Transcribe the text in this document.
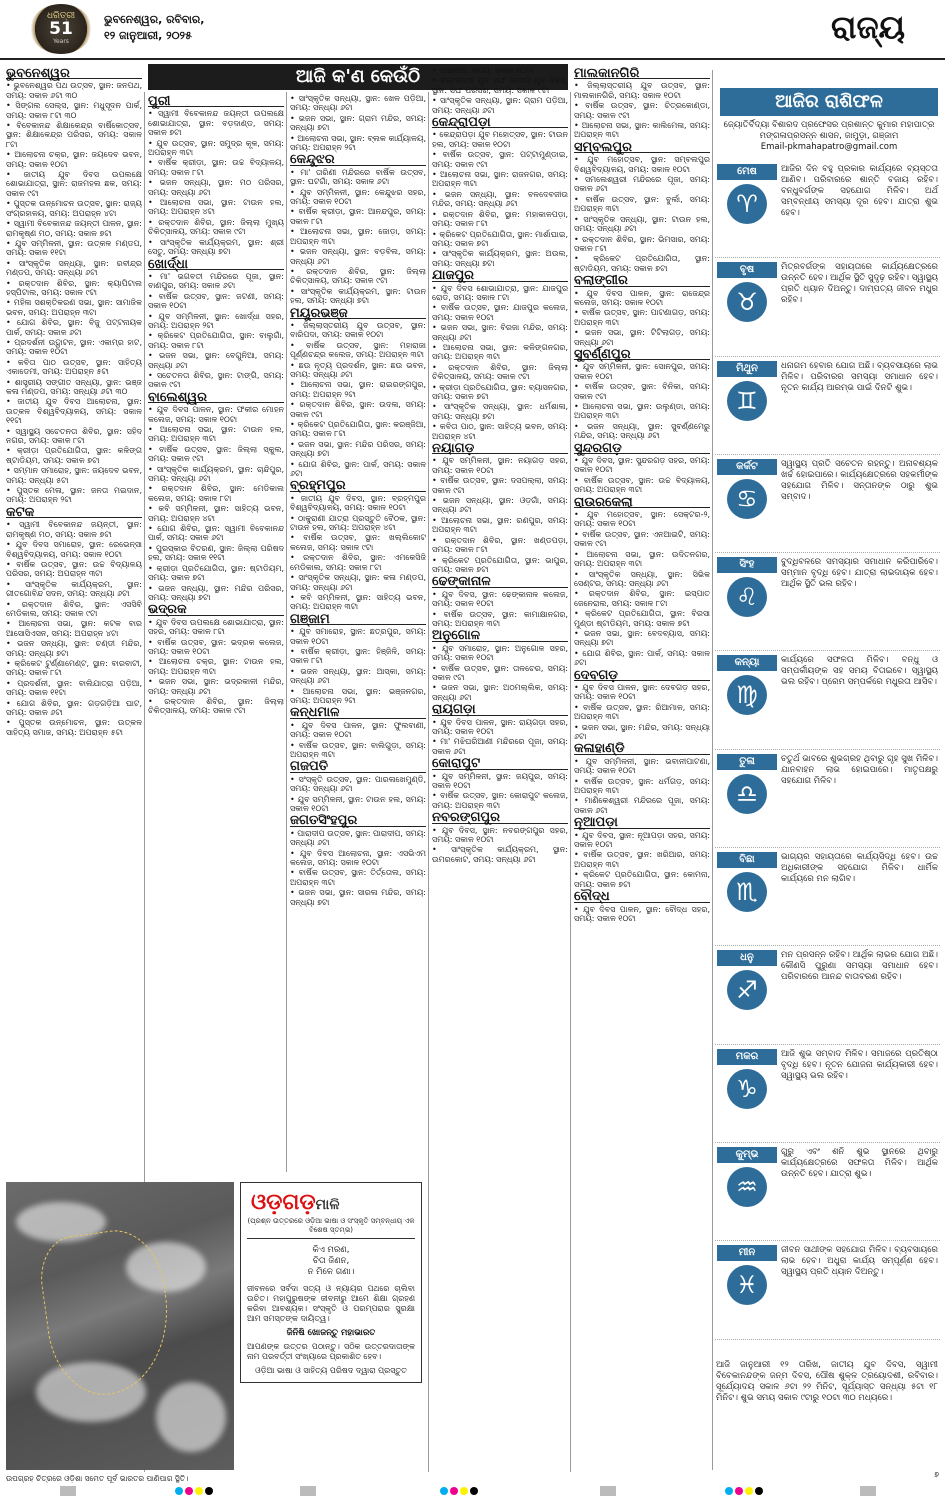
ଧରିତ୍ରୀ
51
Years
ଭୁବନେଶ୍ୱର, ରବିବାର,
୧୨ ଜାନୁଆରୀ, ୨୦୨୫	ରାଜ୍ୟ
ଆଜି କ'ଣ କେଉଁଠି
ଭୁବନେଶ୍ୱର
• ଭୁବନେଶ୍ୱର ପଥ ଉତ୍ସବ, ସ୍ଥାନ: ଜନପଥ, ସମୟ: ସକାଳ ୬ଟା ୩୦
• ସିଙ୍ଗଲ ସେଲ୍ସ, ସ୍ଥାନ: ମଧୁସୂଦନ ପାର୍କ, ସମୟ: ସକାଳ ୮ଟା ୩୦
• ବିବେକାନନ୍ଦ ଶିକ୍ଷାକେନ୍ଦ୍ର ବାର୍ଷିକୋତ୍ସବ, ସ୍ଥାନ: ଶିକ୍ଷାକେନ୍ଦ୍ର ପରିସର, ସମୟ: ସକାଳ ୮ଟା
• ଆଲୋଚନା ଚକ୍ର, ସ୍ଥାନ: ଜୟଦେବ ଭବନ, ସମୟ: ସକାଳ ୧୦ଟା
• ଜାତୀୟ ଯୁବ ଦିବସ ଉପଲକ୍ଷେ ଶୋଭାଯାତ୍ରା, ସ୍ଥାନ: ରାଜମହଲ ଛକ, ସମୟ: ସକାଳ ୯ଟା
• ପୁସ୍ତକ ଉନ୍ମୋଚନ ଉତ୍ସବ, ସ୍ଥାନ: ରାଜ୍ୟ ସଂଗ୍ରହାଳୟ, ସମୟ: ଅପରାହ୍ନ ୪ଟା
• ସ୍ୱାମୀ ବିବେକାନନ୍ଦ ଜୟନ୍ତୀ ପାଳନ, ସ୍ଥାନ: ରାମକୃଷ୍ଣ ମଠ, ସମୟ: ସକାଳ ୭ଟା
• ଯୁବ ସମ୍ମିଳନୀ, ସ୍ଥାନ: ଉତ୍କଳ ମଣ୍ଡପ, ସମୟ: ସକାଳ ୧୧ଟା
• ସାଂସ୍କୃତିକ ସନ୍ଧ୍ୟା, ସ୍ଥାନ: ରବୀନ୍ଦ୍ର ମଣ୍ଡପ, ସମୟ: ସନ୍ଧ୍ୟା ୬ଟା
• ରକ୍ତଦାନ ଶିବିର, ସ୍ଥାନ: କ୍ୟାପିଟାଲ ହସ୍ପିଟାଲ, ସମୟ: ସକାଳ ୯ଟା
• ମହିଳା ସଶକ୍ତିକରଣ ସଭା, ସ୍ଥାନ: ସାମାଜିକ ଭବନ, ସମୟ: ଅପରାହ୍ନ ୩ଟା
• ଯୋଗ ଶିବିର, ସ୍ଥାନ: ବିଜୁ ପଟ୍ଟନାୟକ ପାର୍କ, ସମୟ: ସକାଳ ୬ଟା
• ପ୍ରଦର୍ଶନୀ ଉଦ୍ଘାଟନ, ସ୍ଥାନ: ଏକାମ୍ର ହାଟ, ସମୟ: ସକାଳ ୧୦ଟା
• କବିତା ପାଠ ଉତ୍ସବ, ସ୍ଥାନ: ସାହିତ୍ୟ ଏକାଡେମୀ, ସମୟ: ଅପରାହ୍ନ ୫ଟା
• ଶାସ୍ତ୍ରୀୟ ସଙ୍ଗୀତ ସନ୍ଧ୍ୟା, ସ୍ଥାନ: ଭଞ୍ଜ କଳା ମଣ୍ଡପ, ସମୟ: ସନ୍ଧ୍ୟା ୬ଟା ୩୦
• ଜାତୀୟ ଯୁବ ଦିବସ ଆଲୋଚନା, ସ୍ଥାନ: ଉତ୍କଳ ବିଶ୍ୱବିଦ୍ୟାଳୟ, ସମୟ: ସକାଳ ୧୧ଟା
• ସ୍ୱାସ୍ଥ୍ୟ ସଚେତନତା ଶିବିର, ସ୍ଥାନ: ସହିଦ ନଗର, ସମୟ: ସକାଳ ୮ଟା
• କ୍ରୀଡ଼ା ପ୍ରତିଯୋଗିତା, ସ୍ଥାନ: କଳିଙ୍ଗ ଷ୍ଟାଡିୟମ, ସମୟ: ସକାଳ ୭ଟା
• ସମ୍ମାନ ସମାରୋହ, ସ୍ଥାନ: ଜୟଦେବ ଭବନ, ସମୟ: ସନ୍ଧ୍ୟା ୫ଟା
• ପୁସ୍ତକ ମେଳା, ସ୍ଥାନ: ଜନତା ମଇଦାନ, ସମୟ: ଅପରାହ୍ନ ୨ଟା
କଟକ
• ସ୍ୱାମୀ ବିବେକାନନ୍ଦ ଜୟନ୍ତୀ, ସ୍ଥାନ: ରାମକୃଷ୍ଣ ମଠ, ସମୟ: ସକାଳ ୭ଟା
• ଯୁବ ଦିବସ ସମାରୋହ, ସ୍ଥାନ: ରେଭେନ୍ସା ବିଶ୍ୱବିଦ୍ୟାଳୟ, ସମୟ: ସକାଳ ୧୦ଟା
• ବାର୍ଷିକ ଉତ୍ସବ, ସ୍ଥାନ: ଉଚ୍ଚ ବିଦ୍ୟାଳୟ ପରିସର, ସମୟ: ଅପରାହ୍ନ ୩ଟା
• ସାଂସ୍କୃତିକ କାର୍ଯ୍ୟକ୍ରମ, ସ୍ଥାନ: ଗୀତଗୋବିନ୍ଦ ସଦନ, ସମୟ: ସନ୍ଧ୍ୟା ୬ଟା
• ରକ୍ତଦାନ ଶିବିର, ସ୍ଥାନ: ଏସସିବି ମେଡିକାଲ, ସମୟ: ସକାଳ ୯ଟା
• ଆଲୋଚନା ସଭା, ସ୍ଥାନ: କଟକ ବାର ଆସୋସିଏସନ, ସମୟ: ଅପରାହ୍ନ ୪ଟା
• ଭଜନ ସନ୍ଧ୍ୟା, ସ୍ଥାନ: ଚଣ୍ଡୀ ମନ୍ଦିର, ସମୟ: ସନ୍ଧ୍ୟା ୭ଟା
• କ୍ରିକେଟ ଟୁର୍ଣ୍ଣାମେଣ୍ଟ, ସ୍ଥାନ: ବାରବାଟୀ, ସମୟ: ସକାଳ ୮ଟା
• ପ୍ରଦର୍ଶନୀ, ସ୍ଥାନ: ବାଲିଯାତ୍ରା ପଡ଼ିଆ, ସମୟ: ସକାଳ ୧୧ଟା
• ଯୋଗ ଶିବିର, ସ୍ଥାନ: ଗଡ଼ଗଡ଼ିଆ ଘାଟ, ସମୟ: ସକାଳ ୬ଟା
• ପୁସ୍ତକ ଉନ୍ମୋଚନ, ସ୍ଥାନ: ଉତ୍କଳ ସାହିତ୍ୟ ସମାଜ, ସମୟ: ଅପରାହ୍ନ ୫ଟା
ପୁରୀ
• ସ୍ୱାମୀ ବିବେକାନନ୍ଦ ଜୟନ୍ତୀ ଉପଲକ୍ଷେ ଶୋଭାଯାତ୍ରା, ସ୍ଥାନ: ବଡ଼ଦାଣ୍ଡ, ସମୟ: ସକାଳ ୭ଟା
• ଯୁବ ଉତ୍ସବ, ସ୍ଥାନ: ସମୁଦ୍ର କୂଳ, ସମୟ: ଅପରାହ୍ନ ୩ଟା
• ବାର୍ଷିକ କ୍ରୀଡ଼ା, ସ୍ଥାନ: ଉଚ୍ଚ ବିଦ୍ୟାଳୟ, ସମୟ: ସକାଳ ୮ଟା
• ଭଜନ ସନ୍ଧ୍ୟା, ସ୍ଥାନ: ମଠ ପରିସର, ସମୟ: ସନ୍ଧ୍ୟା ୬ଟା
• ଆଲୋଚନା ସଭା, ସ୍ଥାନ: ଟାଉନ ହଲ, ସମୟ: ଅପରାହ୍ନ ୪ଟା
• ରକ୍ତଦାନ ଶିବିର, ସ୍ଥାନ: ଜିଲ୍ଲା ମୁଖ୍ୟ ଚିକିତ୍ସାଳୟ, ସମୟ: ସକାଳ ୯ଟା
• ସାଂସ୍କୃତିକ କାର୍ଯ୍ୟକ୍ରମ, ସ୍ଥାନ: ଶ୍ରୀ ସେତୁ, ସମୟ: ସନ୍ଧ୍ୟା ୭ଟା
ଖୋର୍ଦ୍ଧା
• ମା' ଭଗବତୀ ମନ୍ଦିରରେ ପୂଜା, ସ୍ଥାନ: ବାଣପୁର, ସମୟ: ସକାଳ ୬ଟା
• ବାର୍ଷିକ ଉତ୍ସବ, ସ୍ଥାନ: ଜଟଣୀ, ସମୟ: ସକାଳ ୧୦ଟା
• ଯୁବ ସମ୍ମିଳନୀ, ସ୍ଥାନ: ଖୋର୍ଦ୍ଧା ସହର, ସମୟ: ଅପରାହ୍ନ ୨ଟା
• କ୍ରିକେଟ ପ୍ରତିଯୋଗିତା, ସ୍ଥାନ: ବାଲୁଗାଁ, ସମୟ: ସକାଳ ୮ଟା
• ଭଜନ ସଭା, ସ୍ଥାନ: ବେଗୁନିଆ, ସମୟ: ସନ୍ଧ୍ୟା ୬ଟା
• ସଚେତନତା ଶିବିର, ସ୍ଥାନ: ଟାଙ୍ଗି, ସମୟ: ସକାଳ ୯ଟା
ବାଲେଶ୍ୱର
• ଯୁବ ଦିବସ ପାଳନ, ସ୍ଥାନ: ଫକୀର ମୋହନ କଲେଜ, ସମୟ: ସକାଳ ୧୦ଟା
• ଆଲୋଚନା ସଭା, ସ୍ଥାନ: ଟାଉନ ହଲ, ସମୟ: ଅପରାହ୍ନ ୩ଟା
• ବାର୍ଷିକ ଉତ୍ସବ, ସ୍ଥାନ: ଜିଲ୍ଲା ସ୍କୁଲ, ସମୟ: ସକାଳ ୯ଟା
• ସାଂସ୍କୃତିକ କାର୍ଯ୍ୟକ୍ରମ, ସ୍ଥାନ: ଚାନ୍ଦିପୁର, ସମୟ: ସନ୍ଧ୍ୟା ୬ଟା
• ରକ୍ତଦାନ ଶିବିର, ସ୍ଥାନ: ମେଡିକାଲ କଲେଜ, ସମୟ: ସକାଳ ୮ଟା
• କବି ସମ୍ମିଳନୀ, ସ୍ଥାନ: ସାହିତ୍ୟ ଭବନ, ସମୟ: ଅପରାହ୍ନ ୪ଟା
• ଯୋଗ ଶିବିର, ସ୍ଥାନ: ସ୍ୱାମୀ ବିବେକାନନ୍ଦ ପାର୍କ, ସମୟ: ସକାଳ ୬ଟା
• ପୁରସ୍କାର ବିତରଣ, ସ୍ଥାନ: ଜିଲ୍ଲା ପରିଷଦ ହଲ, ସମୟ: ସକାଳ ୧୧ଟା
• କ୍ରୀଡ଼ା ପ୍ରତିଯୋଗିତା, ସ୍ଥାନ: ଷ୍ଟାଡିୟମ, ସମୟ: ସକାଳ ୭ଟା
• ଭଜନ ସନ୍ଧ୍ୟା, ସ୍ଥାନ: ମନ୍ଦିର ପରିସର, ସମୟ: ସନ୍ଧ୍ୟା ୭ଟା
ଭଦ୍ରକ
• ଯୁବ ଦିବସ ଉପଲକ୍ଷେ ଶୋଭାଯାତ୍ରା, ସ୍ଥାନ: ସହର, ସମୟ: ସକାଳ ୮ଟା
• ବାର୍ଷିକ ଉତ୍ସବ, ସ୍ଥାନ: ଭଦ୍ରକ କଲେଜ, ସମୟ: ସକାଳ ୧୦ଟା
• ଆଲୋଚନା ଚକ୍ର, ସ୍ଥାନ: ଟାଉନ ହଲ, ସମୟ: ଅପରାହ୍ନ ୩ଟା
• ଭଜନ ସଭା, ସ୍ଥାନ: ଭଦ୍ରକାଳୀ ମନ୍ଦିର, ସମୟ: ସନ୍ଧ୍ୟା ୬ଟା
• ରକ୍ତଦାନ ଶିବିର, ସ୍ଥାନ: ଜିଲ୍ଲା ଚିକିତ୍ସାଳୟ, ସମୟ: ସକାଳ ୯ଟା
• ସାଂସ୍କୃତିକ ସନ୍ଧ୍ୟା, ସ୍ଥାନ: ଖେଳ ପଡ଼ିଆ, ସମୟ: ସନ୍ଧ୍ୟା ୬ଟା
• ଭଜନ ସଭା, ସ୍ଥାନ: ଗ୍ରାମ ମନ୍ଦିର, ସମୟ: ସନ୍ଧ୍ୟା ୭ଟା
• ଆଲୋଚନା ସଭା, ସ୍ଥାନ: ବ୍ଲକ କାର୍ଯ୍ୟାଳୟ, ସମୟ: ଅପରାହ୍ନ ୨ଟା
କେନ୍ଦୁଝର
• ମା' ତାରିଣୀ ମନ୍ଦିରରେ ବାର୍ଷିକ ଉତ୍ସବ, ସ୍ଥାନ: ଘଟଗାଁ, ସମୟ: ସକାଳ ୬ଟା
• ଯୁବ ସମ୍ମିଳନୀ, ସ୍ଥାନ: କେନ୍ଦୁଝର ସହର, ସମୟ: ସକାଳ ୧୦ଟା
• ବାର୍ଷିକ କ୍ରୀଡ଼ା, ସ୍ଥାନ: ଆନନ୍ଦପୁର, ସମୟ: ସକାଳ ୮ଟା
• ଆଲୋଚନା ସଭା, ସ୍ଥାନ: ଜୋଡ଼ା, ସମୟ: ଅପରାହ୍ନ ୩ଟା
• ଭଜନ ସନ୍ଧ୍ୟା, ସ୍ଥାନ: ବଡ଼ବିଲ, ସମୟ: ସନ୍ଧ୍ୟା ୬ଟା
• ରକ୍ତଦାନ ଶିବିର, ସ୍ଥାନ: ଜିଲ୍ଲା ଚିକିତ୍ସାଳୟ, ସମୟ: ସକାଳ ୯ଟା
• ସାଂସ୍କୃତିକ କାର୍ଯ୍ୟକ୍ରମ, ସ୍ଥାନ: ଟାଉନ ହଲ, ସମୟ: ସନ୍ଧ୍ୟା ୭ଟା
ମୟୂରଭଞ୍ଜ
• ଜିଲ୍ଲାସ୍ତରୀୟ ଯୁବ ଉତ୍ସବ, ସ୍ଥାନ: ବାରିପଦା, ସମୟ: ସକାଳ ୧୦ଟା
• ବାର୍ଷିକ ଉତ୍ସବ, ସ୍ଥାନ: ମହାରାଜା ପୂର୍ଣ୍ଣଚନ୍ଦ୍ର କଲେଜ, ସମୟ: ଅପରାହ୍ନ ୩ଟା
• ଛଉ ନୃତ୍ୟ ପ୍ରଦର୍ଶନ, ସ୍ଥାନ: ଛଉ ଭବନ, ସମୟ: ସନ୍ଧ୍ୟା ୬ଟା
• ଆଲୋଚନା ସଭା, ସ୍ଥାନ: ରାଇରଙ୍ଗପୁର, ସମୟ: ଅପରାହ୍ନ ୨ଟା
• ରକ୍ତଦାନ ଶିବିର, ସ୍ଥାନ: ଉଦଳା, ସମୟ: ସକାଳ ୯ଟା
• କ୍ରିକେଟ ପ୍ରତିଯୋଗିତା, ସ୍ଥାନ: କରଞ୍ଜିଆ, ସମୟ: ସକାଳ ୮ଟା
• ଭଜନ ସଭା, ସ୍ଥାନ: ମନ୍ଦିର ପରିସର, ସମୟ: ସନ୍ଧ୍ୟା ୭ଟା
• ଯୋଗ ଶିବିର, ସ୍ଥାନ: ପାର୍କ, ସମୟ: ସକାଳ ୬ଟା
ବ୍ରହ୍ମପୁର
• ଜାତୀୟ ଯୁବ ଦିବସ, ସ୍ଥାନ: ବ୍ରହ୍ମପୁର ବିଶ୍ୱବିଦ୍ୟାଳୟ, ସମୟ: ସକାଳ ୧୦ଟା
• ଠାକୁରାଣୀ ଯାତ୍ରା ପ୍ରସ୍ତୁତି ବୈଠକ, ସ୍ଥାନ: ଟାଉନ ହଲ, ସମୟ: ଅପରାହ୍ନ ୪ଟା
• ବାର୍ଷିକ ଉତ୍ସବ, ସ୍ଥାନ: ଖଲ୍ଲିକୋଟ କଲେଜ, ସମୟ: ସକାଳ ୯ଟା
• ରକ୍ତଦାନ ଶିବିର, ସ୍ଥାନ: ଏମକେସିଜି ମେଡିକାଲ, ସମୟ: ସକାଳ ୮ଟା
• ସାଂସ୍କୃତିକ ସନ୍ଧ୍ୟା, ସ୍ଥାନ: କଳା ମଣ୍ଡପ, ସମୟ: ସନ୍ଧ୍ୟା ୬ଟା
• କବି ସମ୍ମିଳନୀ, ସ୍ଥାନ: ସାହିତ୍ୟ ଭବନ, ସମୟ: ଅପରାହ୍ନ ୩ଟା
ଗଞ୍ଜାମ
• ଯୁବ ସମାରୋହ, ସ୍ଥାନ: ଛତ୍ରପୁର, ସମୟ: ସକାଳ ୧୦ଟା
• ବାର୍ଷିକ କ୍ରୀଡ଼ା, ସ୍ଥାନ: ହିଞ୍ଜିଳି, ସମୟ: ସକାଳ ୮ଟା
• ଭଜନ ସନ୍ଧ୍ୟା, ସ୍ଥାନ: ଆସ୍କା, ସମୟ: ସନ୍ଧ୍ୟା ୬ଟା
• ଆଲୋଚନା ସଭା, ସ୍ଥାନ: ଭଞ୍ଜନଗର, ସମୟ: ଅପରାହ୍ନ ୨ଟା
କନ୍ଧମାଳ
• ଯୁବ ଦିବସ ପାଳନ, ସ୍ଥାନ: ଫୁଲବାଣୀ, ସମୟ: ସକାଳ ୧୦ଟା
• ବାର୍ଷିକ ଉତ୍ସବ, ସ୍ଥାନ: ବାଲିଗୁଡ଼ା, ସମୟ: ଅପରାହ୍ନ ୩ଟା
ଗଜପତି
• ସଂସ୍କୃତି ଉତ୍ସବ, ସ୍ଥାନ: ପାରଳାଖେମୁଣ୍ଡି, ସମୟ: ସନ୍ଧ୍ୟା ୬ଟା
• ଯୁବ ସମ୍ମିଳନୀ, ସ୍ଥାନ: ଟାଉନ ହଲ, ସମୟ: ସକାଳ ୧୦ଟା
ଜଗତସିଂହପୁର
• ପାରାଦୀପ ଉତ୍ସବ, ସ୍ଥାନ: ପାରାଦୀପ, ସମୟ: ସନ୍ଧ୍ୟା ୬ଟା
• ଯୁବ ଦିବସ ଆଲୋଚନା, ସ୍ଥାନ: ଏସଭିଏମ କଲେଜ, ସମୟ: ସକାଳ ୧୦ଟା
• ବାର୍ଷିକ ଉତ୍ସବ, ସ୍ଥାନ: ତିର୍ତ୍ତୋଲ, ସମୟ: ଅପରାହ୍ନ ୩ଟା
• ଭଜନ ସଭା, ସ୍ଥାନ: ସାରଳା ମନ୍ଦିର, ସମୟ: ସନ୍ଧ୍ୟା ୭ଟା
• ପାରାଦୀପ, ସମୟ: ସକାଳ ୧୦ଟା
• ବିବେକାନନ୍ଦ ଯୁବ ସଙ୍ଘ ଜାତୀୟ ଯୁବ ଦିବସ, ସ୍ଥାନ: ସଙ୍ଘ ପରିସର, ସମୟ: ସକାଳ ୯ଟା
• ସାଂସ୍କୃତିକ ସନ୍ଧ୍ୟା, ସ୍ଥାନ: ଗ୍ରାମ ପଡ଼ିଆ, ସମୟ: ସନ୍ଧ୍ୟା ୬ଟା
କେନ୍ଦ୍ରାପଡ଼ା
• କେନ୍ଦ୍ରାପଡ଼ା ଯୁବ ମହୋତ୍ସବ, ସ୍ଥାନ: ଟାଉନ ହଲ, ସମୟ: ସକାଳ ୧୦ଟା
• ବାର୍ଷିକ ଉତ୍ସବ, ସ୍ଥାନ: ପଟ୍ଟାମୁଣ୍ଡାଇ, ସମୟ: ସକାଳ ୯ଟା
• ଆଲୋଚନା ସଭା, ସ୍ଥାନ: ରାଜନଗର, ସମୟ: ଅପରାହ୍ନ ୩ଟା
• ଭଜନ ସନ୍ଧ୍ୟା, ସ୍ଥାନ: ବଳଦେବଜୀଉ ମନ୍ଦିର, ସମୟ: ସନ୍ଧ୍ୟା ୬ଟା
• ରକ୍ତଦାନ ଶିବିର, ସ୍ଥାନ: ମହାକାଳପଡ଼ା, ସମୟ: ସକାଳ ୮ଟା
• କ୍ରିକେଟ ପ୍ରତିଯୋଗିତା, ସ୍ଥାନ: ମାର୍ଶାଘାଇ, ସମୟ: ସକାଳ ୭ଟା
• ସାଂସ୍କୃତିକ କାର୍ଯ୍ୟକ୍ରମ, ସ୍ଥାନ: ଅଉଲ, ସମୟ: ସନ୍ଧ୍ୟା ୭ଟା
ଯାଜପୁର
• ଯୁବ ଦିବସ ଶୋଭାଯାତ୍ରା, ସ୍ଥାନ: ଯାଜପୁର ରୋଡ, ସମୟ: ସକାଳ ୮ଟା
• ବାର୍ଷିକ ଉତ୍ସବ, ସ୍ଥାନ: ଯାଜପୁର କଲେଜ, ସମୟ: ସକାଳ ୧୦ଟା
• ଭଜନ ସଭା, ସ୍ଥାନ: ବିରଜା ମନ୍ଦିର, ସମୟ: ସନ୍ଧ୍ୟା ୬ଟା
• ଆଲୋଚନା ସଭା, ସ୍ଥାନ: କଳିଙ୍ଗନଗର, ସମୟ: ଅପରାହ୍ନ ୩ଟା
• ରକ୍ତଦାନ ଶିବିର, ସ୍ଥାନ: ଜିଲ୍ଲା ଚିକିତ୍ସାଳୟ, ସମୟ: ସକାଳ ୯ଟା
• କ୍ରୀଡ଼ା ପ୍ରତିଯୋଗିତା, ସ୍ଥାନ: ବ୍ୟାସନଗର, ସମୟ: ସକାଳ ୭ଟା
• ସାଂସ୍କୃତିକ ସନ୍ଧ୍ୟା, ସ୍ଥାନ: ଧର୍ମଶାଳା, ସମୟ: ସନ୍ଧ୍ୟା ୭ଟା
• କବିତା ପାଠ, ସ୍ଥାନ: ସାହିତ୍ୟ ଭବନ, ସମୟ: ଅପରାହ୍ନ ୪ଟା
ନୟାଗଡ଼
• ଯୁବ ସମ୍ମିଳନୀ, ସ୍ଥାନ: ନୟାଗଡ଼ ସହର, ସମୟ: ସକାଳ ୧୦ଟା
• ବାର୍ଷିକ ଉତ୍ସବ, ସ୍ଥାନ: ଦସପଲ୍ଲା, ସମୟ: ସକାଳ ୯ଟା
• ଭଜନ ସନ୍ଧ୍ୟା, ସ୍ଥାନ: ଓଡ଼ଗାଁ, ସମୟ: ସନ୍ଧ୍ୟା ୬ଟା
• ଆଲୋଚନା ସଭା, ସ୍ଥାନ: ରଣପୁର, ସମୟ: ଅପରାହ୍ନ ୩ଟା
• ରକ୍ତଦାନ ଶିବିର, ସ୍ଥାନ: ଖଣ୍ଡପଡ଼ା, ସମୟ: ସକାଳ ୮ଟା
• କ୍ରିକେଟ ପ୍ରତିଯୋଗିତା, ସ୍ଥାନ: ଭାପୁର, ସମୟ: ସକାଳ ୭ଟା
ଢେଙ୍କାନାଳ
• ଯୁବ ଦିବସ, ସ୍ଥାନ: ଢେଙ୍କାନାଳ କଲେଜ, ସମୟ: ସକାଳ ୧୦ଟା
• ବାର୍ଷିକ ଉତ୍ସବ, ସ୍ଥାନ: କାମାକ୍ଷାନଗର, ସମୟ: ଅପରାହ୍ନ ୩ଟା
ଅନୁଗୋଳ
• ଯୁବ ସମାରୋହ, ସ୍ଥାନ: ଅନୁଗୋଳ ସହର, ସମୟ: ସକାଳ ୧୦ଟା
• ବାର୍ଷିକ ଉତ୍ସବ, ସ୍ଥାନ: ତାଳଚେର, ସମୟ: ସକାଳ ୯ଟା
• ଭଜନ ସଭା, ସ୍ଥାନ: ଅଠମଲ୍ଲିକ, ସମୟ: ସନ୍ଧ୍ୟା ୬ଟା
ରାୟଗଡ଼ା
• ଯୁବ ଦିବସ ପାଳନ, ସ୍ଥାନ: ରାୟଗଡ଼ା ସହର, ସମୟ: ସକାଳ ୧୦ଟା
• ମା' ମଝିଘରିଆଣୀ ମନ୍ଦିରରେ ପୂଜା, ସମୟ: ସକାଳ ୬ଟା
କୋରାପୁଟ
• ଯୁବ ସମ୍ମିଳନୀ, ସ୍ଥାନ: ଜୟପୁର, ସମୟ: ସକାଳ ୧୦ଟା
• ବାର୍ଷିକ ଉତ୍ସବ, ସ୍ଥାନ: କୋରାପୁଟ କଲେଜ, ସମୟ: ଅପରାହ୍ନ ୩ଟା
ନବରଙ୍ଗପୁର
• ଯୁବ ଦିବସ, ସ୍ଥାନ: ନବରଙ୍ଗପୁର ସହର, ସମୟ: ସକାଳ ୧୦ଟା
• ସାଂସ୍କୃତିକ କାର୍ଯ୍ୟକ୍ରମ, ସ୍ଥାନ: ଉମରକୋଟ, ସମୟ: ସନ୍ଧ୍ୟା ୬ଟା
ମାଲକାନଗିରି
• ଜିଲ୍ଲାସ୍ତରୀୟ ଯୁବ ଉତ୍ସବ, ସ୍ଥାନ: ମାଲକାନଗିରି, ସମୟ: ସକାଳ ୧୦ଟା
• ବାର୍ଷିକ ଉତ୍ସବ, ସ୍ଥାନ: ଚିତ୍ରକୋଣ୍ଡା, ସମୟ: ସକାଳ ୯ଟା
• ଆଲୋଚନା ସଭା, ସ୍ଥାନ: କାଲିମେଳା, ସମୟ: ଅପରାହ୍ନ ୩ଟା
ସମ୍ବଲପୁର
• ଯୁବ ମହୋତ୍ସବ, ସ୍ଥାନ: ସମ୍ବଲପୁର ବିଶ୍ୱବିଦ୍ୟାଳୟ, ସମୟ: ସକାଳ ୧୦ଟା
• ସମଲେଶ୍ୱରୀ ମନ୍ଦିରରେ ପୂଜା, ସମୟ: ସକାଳ ୬ଟା
• ବାର୍ଷିକ ଉତ୍ସବ, ସ୍ଥାନ: ବୁର୍ଲା, ସମୟ: ଅପରାହ୍ନ ୩ଟା
• ସାଂସ୍କୃତିକ ସନ୍ଧ୍ୟା, ସ୍ଥାନ: ଟାଉନ ହଲ, ସମୟ: ସନ୍ଧ୍ୟା ୬ଟା
• ରକ୍ତଦାନ ଶିବିର, ସ୍ଥାନ: ଭିମସାର, ସମୟ: ସକାଳ ୮ଟା
• କ୍ରିକେଟ ପ୍ରତିଯୋଗିତା, ସ୍ଥାନ: ଷ୍ଟାଡିୟମ, ସମୟ: ସକାଳ ୭ଟା
ବଲାଙ୍ଗୀର
• ଯୁବ ଦିବସ ପାଳନ, ସ୍ଥାନ: ରାଜେନ୍ଦ୍ର କଲେଜ, ସମୟ: ସକାଳ ୧୦ଟା
• ବାର୍ଷିକ ଉତ୍ସବ, ସ୍ଥାନ: ପାଟଣାଗଡ଼, ସମୟ: ଅପରାହ୍ନ ୩ଟା
• ଭଜନ ସଭା, ସ୍ଥାନ: ଟିଟିଲାଗଡ଼, ସମୟ: ସନ୍ଧ୍ୟା ୬ଟା
ସୁବର୍ଣ୍ଣପୁର
• ଯୁବ ସମ୍ମିଳନୀ, ସ୍ଥାନ: ସୋନପୁର, ସମୟ: ସକାଳ ୧୦ଟା
• ବାର୍ଷିକ ଉତ୍ସବ, ସ୍ଥାନ: ବିନିକା, ସମୟ: ସକାଳ ୯ଟା
• ଆଲୋଚନା ସଭା, ସ୍ଥାନ: ଉଲୁଣ୍ଡା, ସମୟ: ଅପରାହ୍ନ ୩ଟା
• ଭଜନ ସନ୍ଧ୍ୟା, ସ୍ଥାନ: ସୁବର୍ଣ୍ଣମେରୁ ମନ୍ଦିର, ସମୟ: ସନ୍ଧ୍ୟା ୬ଟା
ସୁନ୍ଦରଗଡ଼
• ଯୁବ ଦିବସ, ସ୍ଥାନ: ସୁନ୍ଦରଗଡ଼ ସହର, ସମୟ: ସକାଳ ୧୦ଟା
• ବାର୍ଷିକ ଉତ୍ସବ, ସ୍ଥାନ: ଉଚ୍ଚ ବିଦ୍ୟାଳୟ, ସମୟ: ଅପରାହ୍ନ ୩ଟା
ରାଉରକେଲା
• ଯୁବ ମହୋତ୍ସବ, ସ୍ଥାନ: ସେକ୍ଟର-୨, ସମୟ: ସକାଳ ୧୦ଟା
• ବାର୍ଷିକ ଉତ୍ସବ, ସ୍ଥାନ: ଏନଆଇଟି, ସମୟ: ସକାଳ ୯ଟା
• ଆଲୋଚନା ସଭା, ସ୍ଥାନ: ଉଦିତନଗର, ସମୟ: ଅପରାହ୍ନ ୩ଟା
• ସାଂସ୍କୃତିକ ସନ୍ଧ୍ୟା, ସ୍ଥାନ: ସିଭିକ ସେଣ୍ଟର, ସମୟ: ସନ୍ଧ୍ୟା ୬ଟା
• ରକ୍ତଦାନ ଶିବିର, ସ୍ଥାନ: ଇସ୍ପାତ ଜେନେରାଲ, ସମୟ: ସକାଳ ୮ଟା
• କ୍ରିକେଟ ପ୍ରତିଯୋଗିତା, ସ୍ଥାନ: ବିରସା ମୁଣ୍ଡା ଷ୍ଟାଡିୟମ, ସମୟ: ସକାଳ ୭ଟା
• ଭଜନ ସଭା, ସ୍ଥାନ: ବେଦବ୍ୟାସ, ସମୟ: ସନ୍ଧ୍ୟା ୭ଟା
• ଯୋଗ ଶିବିର, ସ୍ଥାନ: ପାର୍କ, ସମୟ: ସକାଳ ୬ଟା
ଦେବଗଡ଼
• ଯୁବ ଦିବସ ପାଳନ, ସ୍ଥାନ: ଦେବଗଡ଼ ସହର, ସମୟ: ସକାଳ ୧୦ଟା
• ବାର୍ଷିକ ଉତ୍ସବ, ସ୍ଥାନ: ରିଆମାଳ, ସମୟ: ଅପରାହ୍ନ ୩ଟା
• ଭଜନ ସଭା, ସ୍ଥାନ: ମନ୍ଦିର, ସମୟ: ସନ୍ଧ୍ୟା ୬ଟା
କଳାହାଣ୍ଡି
• ଯୁବ ସମ୍ମିଳନୀ, ସ୍ଥାନ: ଭବାନୀପାଟଣା, ସମୟ: ସକାଳ ୧୦ଟା
• ବାର୍ଷିକ ଉତ୍ସବ, ସ୍ଥାନ: ଧର୍ମଗଡ଼, ସମୟ: ଅପରାହ୍ନ ୩ଟା
• ମାଣିକେଶ୍ୱରୀ ମନ୍ଦିରରେ ପୂଜା, ସମୟ: ସକାଳ ୬ଟା
ନୂଆପଡ଼ା
• ଯୁବ ଦିବସ, ସ୍ଥାନ: ନୂଆପଡ଼ା ସହର, ସମୟ: ସକାଳ ୧୦ଟା
• ବାର୍ଷିକ ଉତ୍ସବ, ସ୍ଥାନ: ଖରିଆର, ସମୟ: ଅପରାହ୍ନ ୩ଟା
• କ୍ରିକେଟ ପ୍ରତିଯୋଗିତା, ସ୍ଥାନ: କୋମନା, ସମୟ: ସକାଳ ୭ଟା
ବୌଦ୍ଧ
• ଯୁବ ଦିବସ ପାଳନ, ସ୍ଥାନ: ବୌଦ୍ଧ ସହର, ସମୟ: ସକାଳ ୧୦ଟା
ଆଜିର ରାଶିଫଳ
ଜ୍ୟୋତିର୍ବିଦ୍ୟା ବିଶାରଦ ପ୍ରଫେସର ପ୍ରଶାନ୍ତ କୁମାର ମହାପାତ୍ର
ମଙ୍ଗଳାପ୍ରସନ୍ନ ଶାସନ, ଜାମୁଡ଼ା, ଗଞ୍ଜାମ
Email-pkmahapatro@gmail.com
ମେଷ
♈
ଆଜିର ଦିନ ବହୁ ପ୍ରକାର କାର୍ଯ୍ୟରେ ବ୍ୟସ୍ତତା ଆଣିବ। ପରିବାରରେ ଶାନ୍ତି ବଜାୟ ରହିବ। ବନ୍ଧୁବର୍ଗଙ୍କ ସହଯୋଗ ମିଳିବ। ଅର୍ଥ ସମ୍ବନ୍ଧୀୟ ସମସ୍ୟା ଦୂର ହେବ। ଯାତ୍ରା ଶୁଭ ହେବ।
ବୃଷ
♉
ମିତ୍ରବର୍ଗଙ୍କ ସହାୟତାରେ କାର୍ଯ୍ୟକ୍ଷେତ୍ରରେ ଉନ୍ନତି ହେବ। ଆର୍ଥିକ ସ୍ଥିତି ସୁଦୃଢ଼ ରହିବ। ସ୍ୱାସ୍ଥ୍ୟ ପ୍ରତି ଧ୍ୟାନ ଦିଅନ୍ତୁ। ଦାମ୍ପତ୍ୟ ଜୀବନ ମଧୁର ରହିବ।
ମିଥୁନ
♊
ଧନାଗମ ହେବାର ଯୋଗ ଅଛି। ବ୍ୟବସାୟରେ ଲାଭ ମିଳିବ। ପରିବାରର ସମସ୍ୟା ସମାଧାନ ହେବ। ନୂତନ କାର୍ଯ୍ୟ ଆରମ୍ଭ ପାଇଁ ଦିନଟି ଶୁଭ।
କର୍କଟ
♋
ସ୍ୱାସ୍ଥ୍ୟ ପ୍ରତି ସଚେତନ ରହନ୍ତୁ। ଅନାବଶ୍ୟକ ଖର୍ଚ୍ଚ ହୋଇପାରେ। କାର୍ଯ୍ୟକ୍ଷେତ୍ରରେ ସହକର୍ମୀଙ୍କ ସହଯୋଗ ମିଳିବ। ସନ୍ତାନଙ୍କ ଠାରୁ ଶୁଭ ସମ୍ବାଦ।
ସିଂହ
♌
ବୁଦ୍ଧିବଳରେ ସମସ୍ୟାର ସମାଧାନ କରିପାରିବେ। ସମ୍ମାନ ବୃଦ୍ଧି ହେବ। ଯାତ୍ରା ଲାଭଦାୟକ ହେବ। ଆର୍ଥିକ ସ୍ଥିତି ଭଲ ରହିବ।
କନ୍ୟା
♍
କାର୍ଯ୍ୟରେ ସଫଳତା ମିଳିବ। ବନ୍ଧୁ ଓ ସମ୍ପର୍କୀୟଙ୍କ ସହ ସମୟ ବିତାଇବେ। ସ୍ୱାସ୍ଥ୍ୟ ଭଲ ରହିବ। ପ୍ରେମ ସମ୍ପର୍କରେ ମଧୁରତା ଆସିବ।
ତୁଳା
♎
ଚତୁର୍ଥ ଭାବରେ ଶୁଭଗ୍ରହ ଥିବାରୁ ଗୃହ ସୁଖ ମିଳିବ। ଯାନବାହନ ଲାଭ ହୋଇପାରେ। ମାତୃପକ୍ଷରୁ ସହଯୋଗ ମିଳିବ।
ବିଛା
♏
ଭାଗ୍ୟର ସହାୟତାରେ କାର୍ଯ୍ୟସିଦ୍ଧି ହେବ। ଉଚ୍ଚ ଅଧିକାରୀଙ୍କ ସହଯୋଗ ମିଳିବ। ଧାର୍ମିକ କାର୍ଯ୍ୟରେ ମନ ଲାଗିବ।
ଧନୁ
♐
ମନ ପ୍ରସନ୍ନ ରହିବ। ଆର୍ଥିକ ଲାଭର ଯୋଗ ଅଛି। କୌଣସି ପୁରୁଣା ସମସ୍ୟା ସମାଧାନ ହେବ। ପରିବାରରେ ଆନନ୍ଦ ବାତାବରଣ ରହିବ।
ମକର
♑
ଆଜି ଶୁଭ ସମ୍ବାଦ ମିଳିବ। ସମାଜରେ ପ୍ରତିଷ୍ଠା ବୃଦ୍ଧି ହେବ। ନୂତନ ଯୋଜନା କାର୍ଯ୍ୟକାରୀ ହେବ। ସ୍ୱାସ୍ଥ୍ୟ ଭଲ ରହିବ।
କୁମ୍ଭ
♒
ଗୁରୁ ଏବଂ ଶନି ଶୁଭ ସ୍ଥାନରେ ଥିବାରୁ କାର୍ଯ୍ୟକ୍ଷେତ୍ରରେ ସଫଳତା ମିଳିବ। ଆର୍ଥିକ ଉନ୍ନତି ହେବ। ଯାତ୍ରା ଶୁଭ।
ମୀନ
♓
ଜୀବନ ସାଥୀଙ୍କ ସହଯୋଗ ମିଳିବ। ବ୍ୟବସାୟରେ ଲାଭ ହେବ। ଅଧୁରା କାର୍ଯ୍ୟ ସମ୍ପୂର୍ଣ୍ଣ ହେବ। ସ୍ୱାସ୍ଥ୍ୟ ପ୍ରତି ଧ୍ୟାନ ଦିଅନ୍ତୁ।
ଆଜି ଜାନୁଆରୀ ୧୨ ତାରିଖ, ଜାତୀୟ ଯୁବ ଦିବସ, ସ୍ୱାମୀ ବିବେକାନନ୍ଦଙ୍କ ଜନ୍ମ ଦିବସ, ପୌଷ ଶୁକ୍ଳ ତ୍ରୟୋଦଶୀ, ରବିବାର। ସୂର୍ଯ୍ୟୋଦୟ ସକାଳ ୬ଟା ୨୨ ମିନିଟ, ସୂର୍ଯ୍ୟାସ୍ତ ସନ୍ଧ୍ୟା ୫ଟା ୧୮ ମିନିଟ। ଶୁଭ ସମୟ ସକାଳ ୯ଟାରୁ ୧୦ଟା ୩୦ ମଧ୍ୟରେ।
ଉପଗ୍ରହ ଚିତ୍ରରେ ଓଡ଼ିଶା ସମେତ ପୂର୍ବ ଭାରତର ପାଣିପାଗ ସ୍ଥିତି।
ଓଡ଼ଗଡ଼ମାଳି
(ପ୍ରଶ୍ନ ଉତ୍ତରରେ ଓଡ଼ିଆ ଭାଷା ଓ ସଂସ୍କୃତି ସମ୍ବନ୍ଧୀୟ ଏକ ବିଶେଷ ସ୍ତମ୍ଭ)
କିଏ ମରଣ,
ଚିତା ଜିଣନ,
ନ ମିଳେ ଗଣା।
ଜୀବନରେ ସର୍ବଦା ସତ୍ୟ ଓ ନ୍ୟାୟର ପଥରେ ଚାଲିବା ଉଚିତ। ମହାପୁରୁଷଙ୍କ ଜୀବନୀରୁ ଆମେ ଶିକ୍ଷା ଗ୍ରହଣ କରିବା ଆବଶ୍ୟକ। ସଂସ୍କୃତି ଓ ପରମ୍ପରାର ସୁରକ୍ଷା ଆମ ସମସ୍ତଙ୍କ ଦାୟିତ୍ୱ।
ଜିନିଷି ଖୋଜନ୍ତୁ ମହାଭାରତ
ଆପଣଙ୍କ ଉତ୍ତର ପଠାନ୍ତୁ। ସଠିକ ଉତ୍ତରଦାତାଙ୍କ ନାମ ପରବର୍ତ୍ତୀ ସଂଖ୍ୟାରେ ପ୍ରକାଶିତ ହେବ।
ଓଡ଼ିଆ ଭାଷା ଓ ସାହିତ୍ୟ ପରିଷଦ ଦ୍ୱାରା ପ୍ରସ୍ତୁତ
୭
